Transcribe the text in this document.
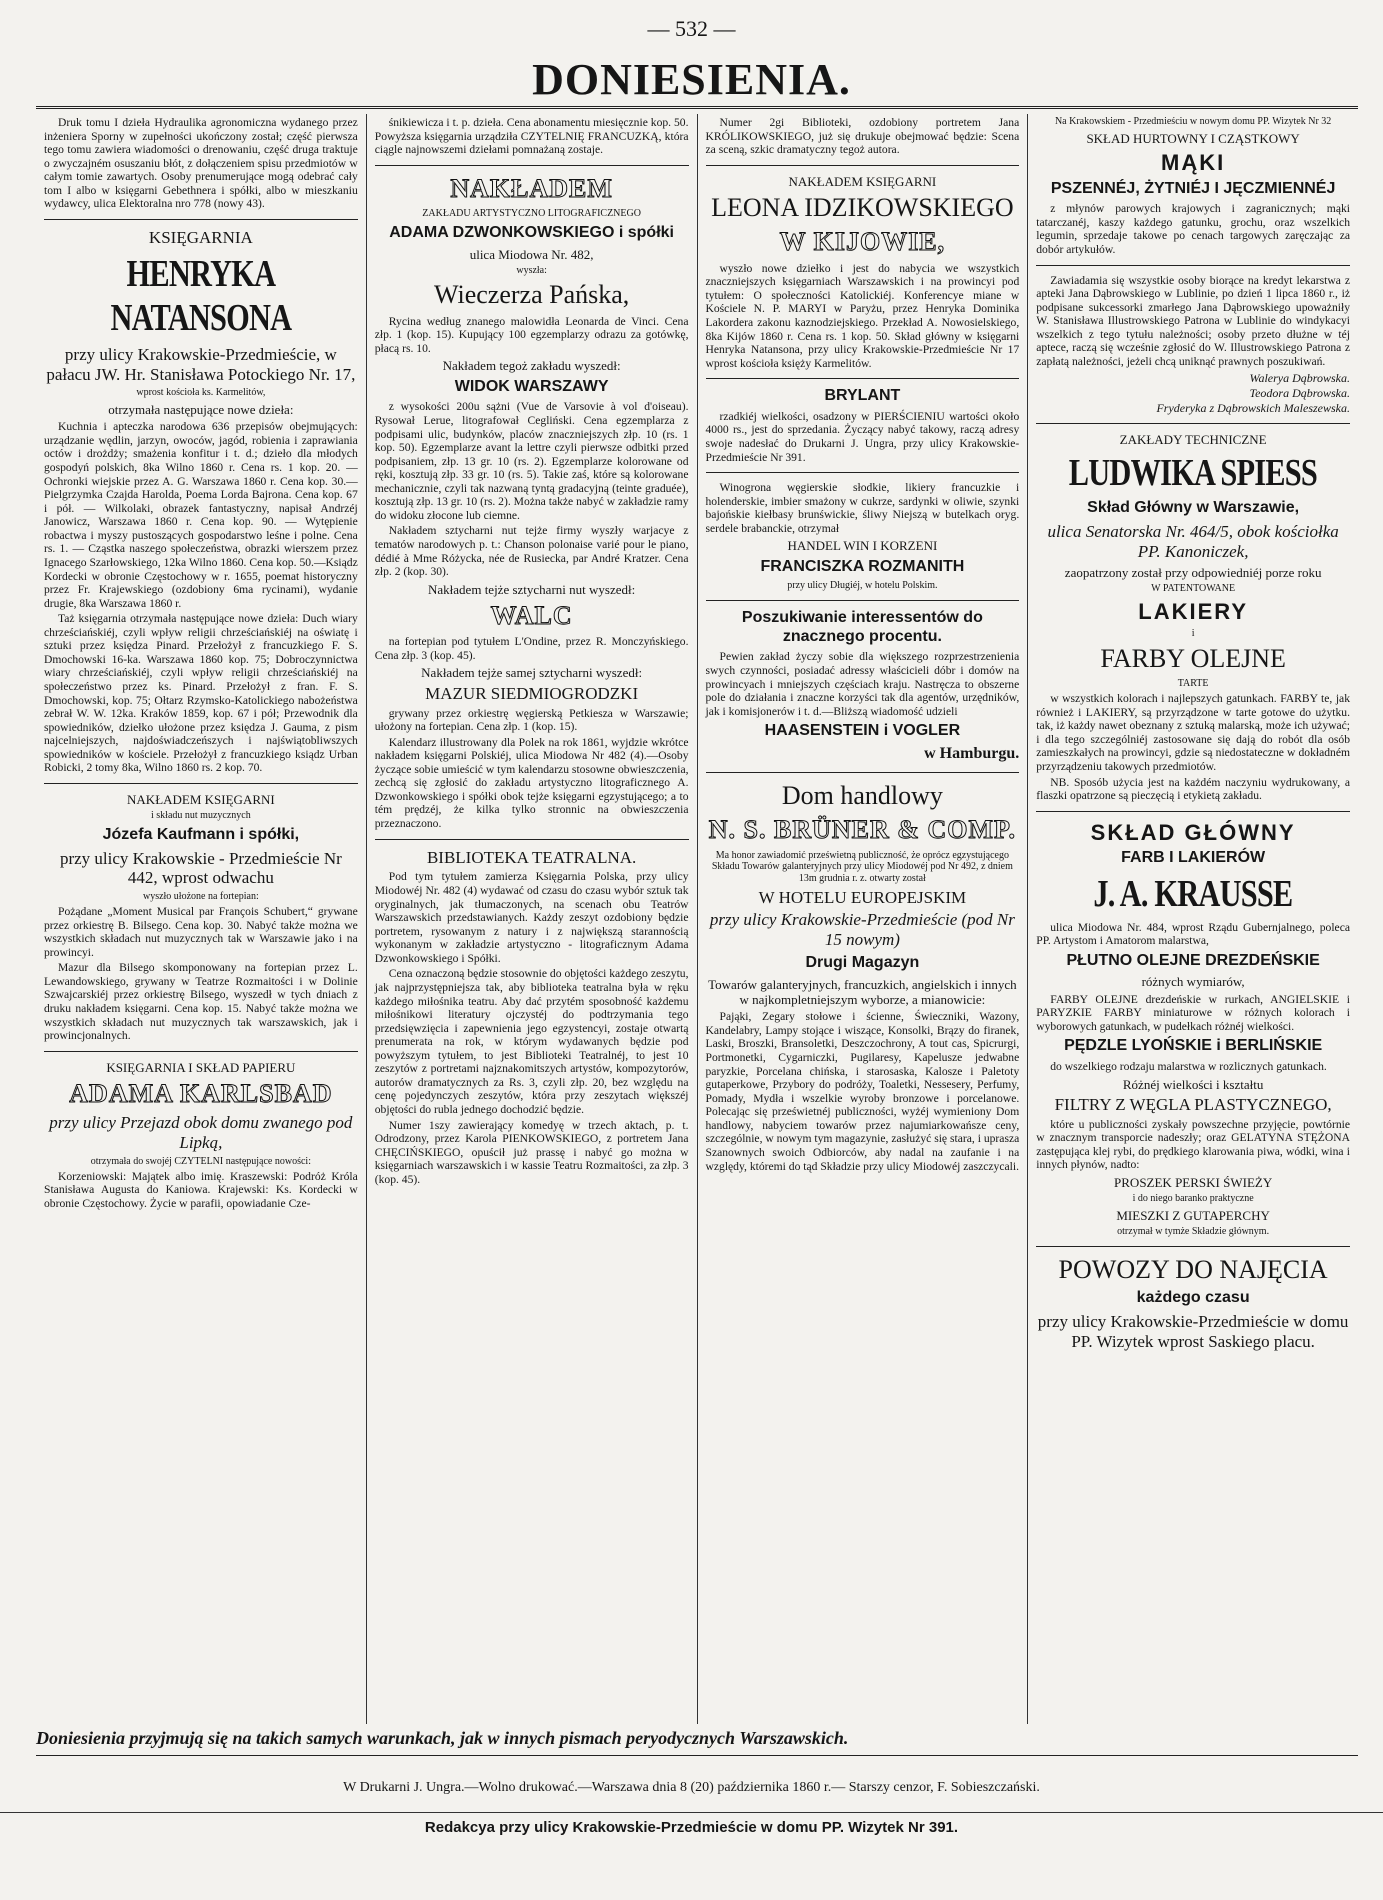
— 532 —
DONIESIENIA.
Druk tomu I dzieła Hydraulika agronomiczna wydanego przez inżeniera Sporny w zupełności ukończony został; część pierwsza tego tomu zawiera wiadomości o drenowaniu, część druga traktuje o zwyczajném osuszaniu błót, z dołączeniem spisu przedmiotów w całym tomie zawartych. Osoby prenumerujące mogą odebrać cały tom I albo w księgarni Gebethnera i spółki, albo w mieszkaniu wydawcy, ulica Elektoralna nro 778 (nowy 43).
KSIĘGARNIA
HENRYKA NATANSONA
przy ulicy Krakowskie-Przedmieście, w pałacu JW. Hr. Stanisława Potockiego Nr. 17,
wprost kościoła ks. Karmelitów,
otrzymała następujące nowe dzieła:
Kuchnia i apteczka narodowa 636 przepisów obejmujących: urządzanie wędlin, jarzyn, owoców, jagód, robienia i zaprawiania octów i drożdży; smażenia konfitur i t. d.; dzieło dla młodych gospodyń polskich, 8ka Wilno 1860 r. Cena rs. 1 kop. 20. — Ochronki wiejskie przez A. G. Warszawa 1860 r. Cena kop. 30.—Pielgrzymka Czajda Harolda, Poema Lorda Bajrona. Cena kop. 67 i pół. — Wilkolaki, obrazek fantastyczny, napisał Andrzéj Janowicz, Warszawa 1860 r. Cena kop. 90. — Wytępienie robactwa i myszy pustoszących gospodarstwo leśne i polne. Cena rs. 1. — Cząstka naszego społeczeństwa, obrazki wierszem przez Ignacego Szarłowskiego, 12ka Wilno 1860. Cena kop. 50.—Ksiądz Kordecki w obronie Częstochowy w r. 1655, poemat historyczny przez Fr. Krajewskiego (ozdobiony 6ma rycinami), wydanie drugie, 8ka Warszawa 1860 r.
Taż księgarnia otrzymała następujące nowe dzieła: Duch wiary chrześciańskiéj, czyli wpływ religii chrześciańskiéj na oświatę i sztuki przez księdza Pinard. Przełożył z francuzkiego F. S. Dmochowski 16-ka. Warszawa 1860 kop. 75; Dobroczynnictwa wiary chrześciańskiéj, czyli wpływ religii chrześciańskiéj na społeczeństwo przez ks. Pinard. Przełożył z fran. F. S. Dmochowski, kop. 75; Ołtarz Rzymsko-Katolickiego nabożeństwa zebrał W. W. 12ka. Kraków 1859, kop. 67 i pół; Przewodnik dla spowiedników, dziełko ułożone przez księdza J. Gauma, z pism najcelniejszych, najdoświadczeńszych i najświątobliwszych spowiedników w kościele. Przełożył z francuzkiego ksiądz Urban Robicki, 2 tomy 8ka, Wilno 1860 rs. 2 kop. 70.
NAKŁADEM KSIĘGARNI
i składu nut muzycznych
Józefa Kaufmann i spółki,
przy ulicy Krakowskie - Przedmieście Nr 442, wprost odwachu
wyszło ułożone na fortepian:
Pożądane „Moment Musical par François Schubert,“ grywane przez orkiestrę B. Bilsego. Cena kop. 30. Nabyć także można we wszystkich składach nut muzycznych tak w Warszawie jako i na prowincyi.
Mazur dla Bilsego skomponowany na fortepian przez L. Lewandowskiego, grywany w Teatrze Rozmaitości i w Dolinie Szwajcarskiéj przez orkiestrę Bilsego, wyszedł w tych dniach z druku nakładem księgarni. Cena kop. 15. Nabyć także można we wszystkich składach nut muzycznych tak warszawskich, jak i prowincjonalnych.
KSIĘGARNIA I SKŁAD PAPIERU
ADAMA KARLSBAD
przy ulicy Przejazd obok domu zwanego pod Lipką,
otrzymała do swojéj CZYTELNI następujące nowości:
Korzeniowski: Majątek albo imię. Kraszewski: Podróż Króla Stanisława Augusta do Kaniowa. Krajewski: Ks. Kordecki w obronie Częstochowy. Życie w parafii, opowiadanie Cze-
śnikiewicza i t. p. dzieła. Cena abonamentu miesięcznie kop. 50. Powyższa księgarnia urządziła CZYTELNIĘ FRANCUZKĄ, która ciągle najnowszemi dziełami pomnażaną zostaje.
NAKŁADEM
ZAKŁADU ARTYSTYCZNO LITOGRAFICZNEGO
ADAMA DZWONKOWSKIEGO i spółki
ulica Miodowa Nr. 482,
wyszła:
Wieczerza Pańska,
Rycina według znanego malowidła Leonarda de Vinci. Cena złp. 1 (kop. 15). Kupujący 100 egzemplarzy odrazu za gotówkę, płacą rs. 10.
Nakładem tegoż zakładu wyszedł:
WIDOK WARSZAWY
z wysokości 200u sążni (Vue de Varsovie à vol d'oiseau). Rysował Lerue, litografował Cegliński. Cena egzemplarza z podpisami ulic, budynków, placów znaczniejszych złp. 10 (rs. 1 kop. 50). Egzemplarze avant la lettre czyli pierwsze odbitki przed podpisaniem, złp. 13 gr. 10 (rs. 2). Egzemplarze kolorowane od ręki, kosztują złp. 33 gr. 10 (rs. 5). Takie zaś, które są kolorowane mechanicznie, czyli tak nazwaną tyntą gradacyjną (teinte graduée), kosztują złp. 13 gr. 10 (rs. 2). Można także nabyć w zakładzie ramy do widoku złocone lub ciemne.
Nakładem sztycharni nut tejże firmy wyszły warjacye z tematów narodowych p. t.: Chanson polonaise varié pour le piano, dédié à Mme Różycka, née de Rusiecka, par André Kratzer. Cena złp. 2 (kop. 30).
Nakładem tejże sztycharni nut wyszedł:
WALC
na fortepian pod tytułem L'Ondine, przez R. Monczyńskiego. Cena złp. 3 (kop. 45).
Nakładem tejże samej sztycharni wyszedł:
MAZUR SIEDMIOGRODZKI
grywany przez orkiestrę węgierską Petkiesza w Warszawie; ułożony na fortepian. Cena złp. 1 (kop. 15).
Kalendarz illustrowany dla Polek na rok 1861, wyjdzie wkrótce nakładem księgarni Polskiéj, ulica Miodowa Nr 482 (4).—Osoby życzące sobie umieścić w tym kalendarzu stosowne obwieszczenia, zechcą się zgłosić do zakładu artystyczno litograficznego A. Dzwonkowskiego i spółki obok tejże księgarni egzystującego; a to tém prędzéj, że kilka tylko stronnic na obwieszczenia przeznaczono.
BIBLIOTEKA TEATRALNA.
Pod tym tytułem zamierza Księgarnia Polska, przy ulicy Miodowéj Nr. 482 (4) wydawać od czasu do czasu wybór sztuk tak oryginalnych, jak tłumaczonych, na scenach obu Teatrów Warszawskich przedstawianych. Każdy zeszyt ozdobiony będzie portretem, rysowanym z natury i z największą starannością wykonanym w zakładzie artystyczno - litograficznym Adama Dzwonkowskiego i Spółki.
Cena oznaczoną będzie stosownie do objętości każdego zeszytu, jak najprzystępniejsza tak, aby biblioteka teatralna była w ręku każdego miłośnika teatru. Aby dać przytém sposobność każdemu miłośnikowi literatury ojczystéj do podtrzymania tego przedsięwzięcia i zapewnienia jego egzystencyi, zostaje otwartą prenumerata na rok, w którym wydawanych będzie pod powyższym tytułem, to jest Biblioteki Teatralnéj, to jest 10 zeszytów z portretami najznakomitszych artystów, kompozytorów, autorów dramatycznych za Rs. 3, czyli złp. 20, bez względu na cenę pojedynczych zeszytów, która przy zeszytach większéj objętości do rubla jednego dochodzić będzie.
Numer 1szy zawierający komedyę w trzech aktach, p. t. Odrodzony, przez Karola PIENKOWSKIEGO, z portretem Jana CHĘCIŃSKIEGO, opuścił już prassę i nabyć go można w księgarniach warszawskich i w kassie Teatru Rozmaitości, za złp. 3 (kop. 45).
Numer 2gi Biblioteki, ozdobiony portretem Jana KRÓLIKOWSKIEGO, już się drukuje obejmować będzie: Scena za sceną, szkic dramatyczny tegoż autora.
NAKŁADEM KSIĘGARNI
LEONA IDZIKOWSKIEGO
W KIJOWIE,
wyszło nowe dziełko i jest do nabycia we wszystkich znaczniejszych księgarniach Warszawskich i na prowincyi pod tytułem: O społeczności Katolickiéj. Konferencye miane w Kościele N. P. MARYI w Paryżu, przez Henryka Dominika Lakordera zakonu kaznodziejskiego. Przekład A. Nowosielskiego, 8ka Kijów 1860 r. Cena rs. 1 kop. 50. Skład główny w księgarni Henryka Natansona, przy ulicy Krakowskie-Przedmieście Nr 17 wprost kościoła księży Karmelitów.
BRYLANT
rzadkiéj wielkości, osadzony w PIERŚCIENIU wartości około 4000 rs., jest do sprzedania. Życzący nabyć takowy, raczą adresy swoje nadesłać do Drukarni J. Ungra, przy ulicy Krakowskie-Przedmieście Nr 391.
Winogrona węgierskie słodkie, likiery francuzkie i holenderskie, imbier smażony w cukrze, sardynki w oliwie, szynki bajońskie kiełbasy brunświckie, śliwy Niejszą w butelkach oryg. serdele brabanckie, otrzymał
HANDEL WIN I KORZENI
FRANCISZKA ROZMANITH
przy ulicy Długiéj, w hotelu Polskim.
Poszukiwanie interessentów do znacznego procentu.
Pewien zakład życzy sobie dla większego rozprzestrzenienia swych czynności, posiadać adressy właścicieli dóbr i domów na prowincyach i mniejszych częściach kraju. Nastręcza to obszerne pole do działania i znaczne korzyści tak dla agentów, urzędników, jak i komisjonerów i t. d.—Bliższą wiadomość udzieli
HAASENSTEIN i VOGLER
w Hamburgu.
Dom handlowy
N. S. BRÜNER & COMP.
Ma honor zawiadomić prześwietną publiczność, że oprócz egzystującego Składu Towarów galanteryjnych przy ulicy Miodowéj pod Nr 492, z dniem 13m grudnia r. z. otwarty został
W HOTELU EUROPEJSKIM
przy ulicy Krakowskie-Przedmieście (pod Nr 15 nowym)
Drugi Magazyn
Towarów galanteryjnych, francuzkich, angielskich i innych w najkompletniejszym wyborze, a mianowicie:
Pająki, Zegary stołowe i ścienne, Świeczniki, Wazony, Kandelabry, Lampy stojące i wiszące, Konsolki, Brązy do firanek, Laski, Broszki, Bransoletki, Deszczochrony, A tout cas, Spicrurgi, Portmonetki, Cygarniczki, Pugilaresy, Kapelusze jedwabne paryzkie, Porcelana chińska, i starosaska, Kalosze i Paletoty gutaperkowe, Przybory do podróży, Toaletki, Nessesery, Perfumy, Pomady, Mydła i wszelkie wyroby bronzowe i porcelanowe. Polecając się prześwietnéj publiczności, wyżéj wymieniony Dom handlowy, nabyciem towarów przez najumiarkowańsze ceny, szczególnie, w nowym tym magazynie, zasłużyć się stara, i uprasza Szanownych swoich Odbiorców, aby nadal na zaufanie i na względy, któremi do tąd Składzie przy ulicy Miodowéj zaszczycali.
Na Krakowskiem - Przedmieściu w nowym domu PP. Wizytek Nr 32
SKŁAD HURTOWNY I CZĄSTKOWY
MĄKI
PSZENNÉJ, ŻYTNIÉJ I JĘCZMIENNÉJ
z młynów parowych krajowych i zagranicznych; mąki tatarczanéj, kaszy każdego gatunku, grochu, oraz wszelkich legumin, sprzedaje takowe po cenach targowych zaręczając za dobór artykułów.
Zawiadamia się wszystkie osoby biorące na kredyt lekarstwa z apteki Jana Dąbrowskiego w Lublinie, po dzień 1 lipca 1860 r., iż podpisane sukcessorki zmarłego Jana Dąbrowskiego upoważniły W. Stanisława Illustrowskiego Patrona w Lublinie do windykacyi wszelkich z tego tytułu należności; osoby przeto dłużne w téj aptece, raczą się wcześnie zgłosić do W. Illustrowskiego Patrona z zapłatą należności, jeżeli chcą uniknąć prawnych poszukiwań.
Walerya Dąbrowska.
Teodora Dąbrowska.
Fryderyka z Dąbrowskich Maleszewska.
ZAKŁADY TECHNICZNE
LUDWIKA SPIESS
Skład Główny w Warszawie,
ulica Senatorska Nr. 464/5, obok kościołka PP. Kanoniczek,
zaopatrzony został przy odpowiedniéj porze roku
W PATENTOWANE
LAKIERY
i
FARBY OLEJNE
TARTE
w wszystkich kolorach i najlepszych gatunkach. FARBY te, jak również i LAKIERY, są przyrządzone w tarte gotowe do użytku. tak, iż każdy nawet obeznany z sztuką malarską, może ich używać; i dla tego szczególniéj zastosowane się dają do robót dla osób zamieszkałych na prowincyi, gdzie są niedostateczne w dokładném przyrządzeniu takowych przedmiotów.
NB. Sposób użycia jest na każdém naczyniu wydrukowany, a flaszki opatrzone są pieczęcią i etykietą zakładu.
SKŁAD GŁÓWNY
FARB I LAKIERÓW
J. A. KRAUSSE
ulica Miodowa Nr. 484, wprost Rządu Gubernjalnego, poleca PP. Artystom i Amatorom malarstwa,
PŁUTNO OLEJNE DREZDEŃSKIE
różnych wymiarów,
FARBY OLEJNE drezdeńskie w rurkach, ANGIELSKIE i PARYZKIE FARBY miniaturowe w różnych kolorach i wyborowych gatunkach, w pudełkach różnéj wielkości.
PĘDZLE LYOŃSKIE i BERLIŃSKIE
do wszelkiego rodzaju malarstwa w rozlicznych gatunkach.
Różnéj wielkości i kształtu
FILTRY Z WĘGLA PLASTYCZNEGO,
które u publiczności zyskały powszechne przyjęcie, powtórnie w znacznym transporcie nadeszły; oraz GELATYNA STĘŻONA zastępująca klej rybi, do prędkiego klarowania piwa, wódki, wina i innych płynów, nadto:
PROSZEK PERSKI ŚWIEŻY
i do niego baranko praktyczne
MIESZKI Z GUTAPERCHY
otrzymał w tymże Składzie głównym.
POWOZY DO NAJĘCIA
każdego czasu
przy ulicy Krakowskie-Przedmieście w domu PP. Wizytek wprost Saskiego placu.
Doniesienia przyjmują się na takich samych warunkach, jak w innych pismach peryodycznych Warszawskich.
W Drukarni J. Ungra.—Wolno drukować.—Warszawa dnia 8 (20) października 1860 r.— Starszy cenzor, F. Sobieszczański.
Redakcya przy ulicy Krakowskie-Przedmieście w domu PP. Wizytek Nr 391.
